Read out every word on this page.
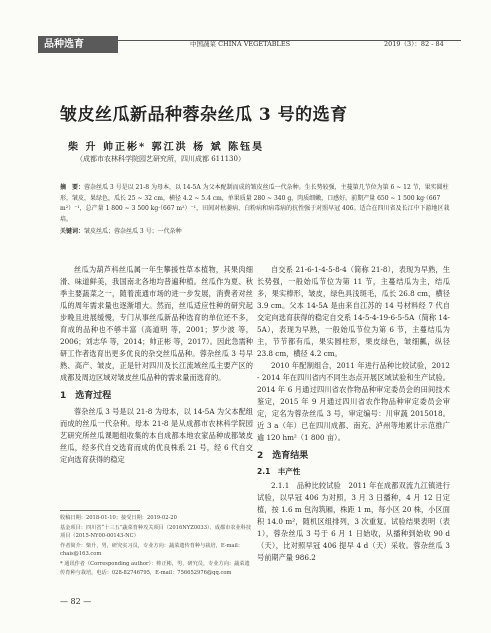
品种选育	中国蔬菜 CHINA VEGETABLES	2019（3）：82 - 84
皱皮丝瓜新品种蓉杂丝瓜 3 号的选育
柴 升 帅正彬* 郭江洪 杨 斌 陈钰昊
（成都市农林科学院园艺研究所，四川成都 611130）
摘　要：蓉杂丝瓜 3 号是以 21-8 为母本，以 14-5A 为父本配制而成的皱皮丝瓜一代杂种。生长势较强，主蔓第几节位为第 6 ~ 12 节，果实圆柱形，皱皮，果绿色，瓜长 25 ~ 32 cm，横径 4.2 ~ 5.4 cm，单果质量 280 ~ 340 g，肉质细嫩，口感好。前期产量 650 ~ 1 500 kg·（667 m²）⁻¹，总产量 1 800 ~ 3 500 kg·（667 m²）⁻¹，田间对枯萎病、白粉病和病毒病的抗性强于对照早冠 406。适合在四川省及长江中下游地区栽培。
关键词：皱皮丝瓜；蓉杂丝瓜 3 号；一代杂种

丝瓜为葫芦科丝瓜属一年生攀援性草本植物，其果肉细滑、味道鲜美，我国南北各地均普遍种植。丝瓜作为夏、秋季主要蔬菜之一，随着流通市场的进一步发展，消费者对丝瓜的周年需求量也逐渐增大。然而，丝瓜适应性种的研究起步晚且进展缓慢，专门从事丝瓜新品种选育的单位还不多，育成的品种也不够丰富（高道明 等，2001；罗少波 等，2006；刘志华 等，2014；帅正彬 等，2017）。因此急需种研工作者选育出更多优良的杂交丝瓜品种。蓉杂丝瓜 3 号早熟、高产、皱皮，正是针对四川及长江流域丝瓜主要产区的成都及周边区域对皱皮丝瓜品种的需求量而选育的。

1　选育过程

蓉杂丝瓜 3 号是以 21-8 为母本，以 14-5A 为父本配组而成的丝瓜一代杂种。母本 21-8 是从成都市农林科学院园艺研究所丝瓜课题组收集的本自成都本地农家品种成都皱皮丝瓜，经多代自交选育而成的优良株系 21 号，经 6 代自交定向选育获得的稳定

自交系 21-6-1-4-5-8-4（简称 21-8），表现为早熟，生长势强，一般始瓜节位为第 11 节，主蔓结瓜为主，结瓜多，果实棒形，皱皮，绿色具浅斑毛，瓜长 26.8 cm，横径 3.9 cm。父本 14-5A 是由来自江苏的 14 号材料经 7 代自交定向选育获得的稳定自交系 14-5-4-19-6-5-5A（简称 14-5A），表现为早熟，一般始瓜节位为第 6 节，主蔓结瓜为主，节节都有瓜，果实圆柱形，果皮绿色，皱细瓤，纵径 23.8 cm，横径 4.2 cm。

2010 年配制组合，2011 年进行品种比较试验，2012 - 2014 年在四川省内不同生态点开展区域试验和生产试验。2014 年 6 月通过四川省农作物品种审定委员会的田间技术鉴定，2015 年 9 月通过四川省农作物品种审定委员会审定，定名为蓉杂丝瓜 3 号，审定编号：川审蔬 2015018。近 3 a（年）已在四川成都、南充、泸州等地累计示范推广逾 120 hm²（1 800 亩）。

2　选育结果
2.1　丰产性

2.1.1　品种比较试验　2011 年在成都双流九江镇进行试验，以早冠 406 为对照，3 月 3 日播种，4 月 12 日定植，按 1.6 m 包沟筑厢，株距 1 m，每小区 20 株，小区面积 14.0 m²，随机区组排列，3 次重复。试验结果表明（表 1），蓉杂丝瓜 3 号于 6 月 1 日始收，从播种到始收 90 d（天），比对照早冠 406 提早 4 d（天）采收。蓉杂丝瓜 3 号前期产量 986.2

收稿日期：2018-01-10；接受日期：2019-02-20
基金项目：四川省“十三五”蔬菜育种攻关项目（2016NYZ0033）、成都市农业科技项目（2015-NY00-00143-NC）
作者简介：柴升，男，研究实习员，专业方向：蔬菜遗传育种与栽培，E-mail：chais@163.com
* 通讯作者（Corresponding author）：帅正彬，男，研究员，专业方向：蔬菜遗传育种与栽培，电话：028-82746795，E-mail：756652976@qq.com
— 82 —
